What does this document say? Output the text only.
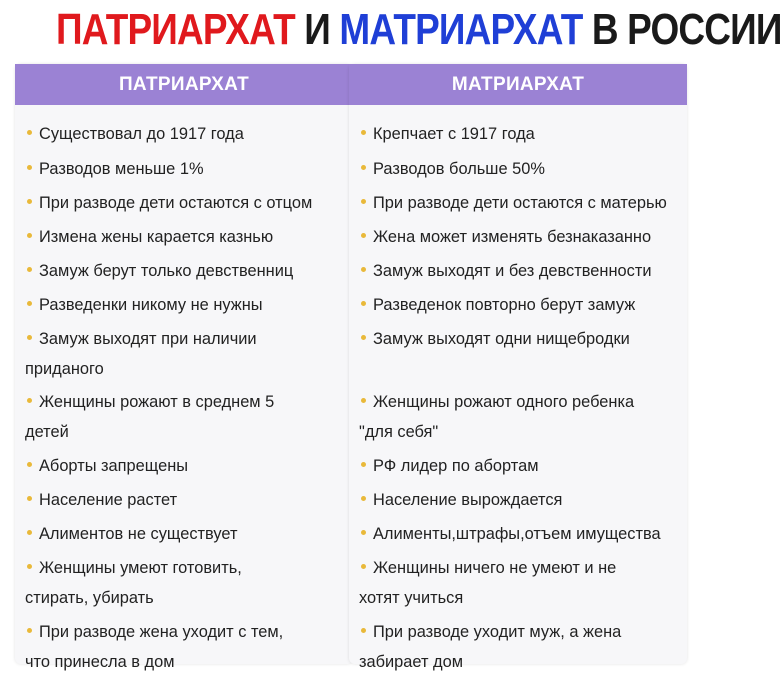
ПАТРИАРХАТ И МАТРИАРХАТ В РОССИИ
ПАТРИАРХАТ
Существовал до 1917 года
Разводов меньше 1%
При разводе дети остаются с отцом
Измена жены карается казнью
Замуж берут только девственниц
Разведенки никому не нужны
Замуж выходят при наличии
приданого
Женщины рожают в среднем 5
детей
Аборты запрещены
Население растет
Алиментов не существует
Женщины умеют готовить,
стирать, убирать
При разводе жена уходит с тем,
что принесла в дом
МАТРИАРХАТ
Крепчает с 1917 года
Разводов больше 50%
При разводе дети остаются с матерью
Жена может изменять безнаказанно
Замуж выходят и без девственности
Разведенок повторно берут замуж
Замуж выходят одни нищебродки
Женщины рожают одного ребенка
"для себя"
РФ лидер по абортам
Население вырождается
Алименты,штрафы,отъем имущества
Женщины ничего не умеют и не
хотят учиться
При разводе уходит муж, а жена
забирает дом
